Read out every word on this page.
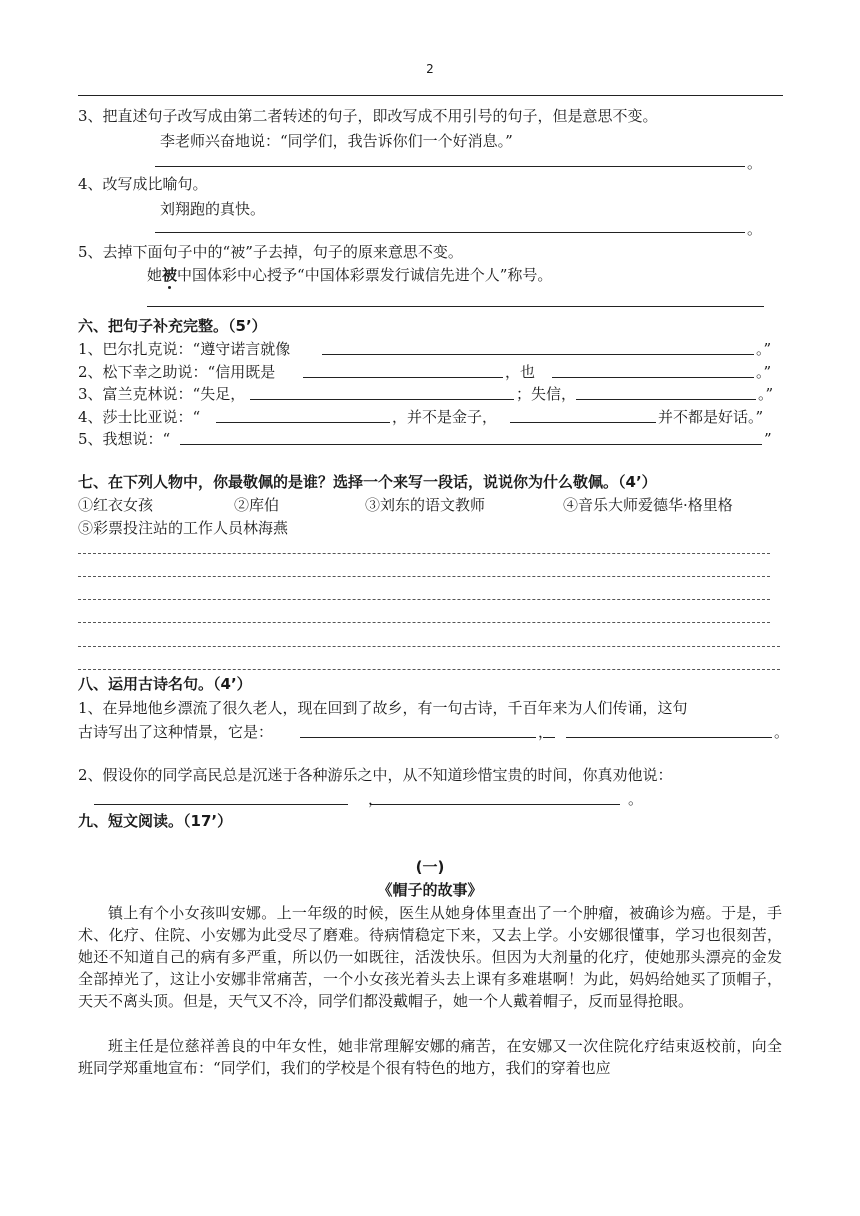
2
3、把直述句子改写成由第二者转述的句子，即改写成不用引号的句子，但是意思不变。
李老师兴奋地说：“同学们，我告诉你们一个好消息。”
。
4、改写成比喻句。
刘翔跑的真快。
。
5、去掉下面句子中的“被”子去掉，句子的原来意思不变。
她被中国体彩中心授予“中国体彩票发行诚信先进个人”称号。
六、把句子补充完整。（5’）
1、巴尔扎克说：“遵守诺言就像	。”
2、松下幸之助说：“信用既是	，也	。”
3、富兰克林说：“失足，	；失信，	。”
4、莎士比亚说：“	，并不是金子，	并不都是好话。”
5、我想说：“	”
七、在下列人物中，你最敬佩的是谁？选择一个来写一段话，说说你为什么敬佩。（4’）
①红衣女孩	②库伯	③刘东的语文教师	④音乐大师爱德华·格里格
⑤彩票投注站的工作人员林海燕
八、运用古诗名句。（4’）
1、在异地他乡漂流了很久老人，现在回到了故乡，有一句古诗，千百年来为人们传诵，这句
古诗写出了这种情景，它是：	，	。
2、假设你的同学高民总是沉迷于各种游乐之中，从不知道珍惜宝贵的时间，你真劝他说：
，	。
九、短文阅读。（17’）
(一)
《帽子的故事》
镇上有个小女孩叫安娜。上一年级的时候，医生从她身体里查出了一个肿瘤，被确诊为癌。于是，手术、化疗、住院、小安娜为此受尽了磨难。待病情稳定下来，又去上学。小安娜很懂事，学习也很刻苦，她还不知道自己的病有多严重，所以仍一如既往，活泼快乐。但因为大剂量的化疗，使她那头漂亮的金发全部掉光了，这让小安娜非常痛苦，一个小女孩光着头去上课有多难堪啊！为此，妈妈给她买了顶帽子，天天不离头顶。但是，天气又不冷，同学们都没戴帽子，她一个人戴着帽子，反而显得抢眼。
班主任是位慈祥善良的中年女性，她非常理解安娜的痛苦，在安娜又一次住院化疗结束返校前，向全班同学郑重地宣布：“同学们，我们的学校是个很有特色的地方，我们的穿着也应
